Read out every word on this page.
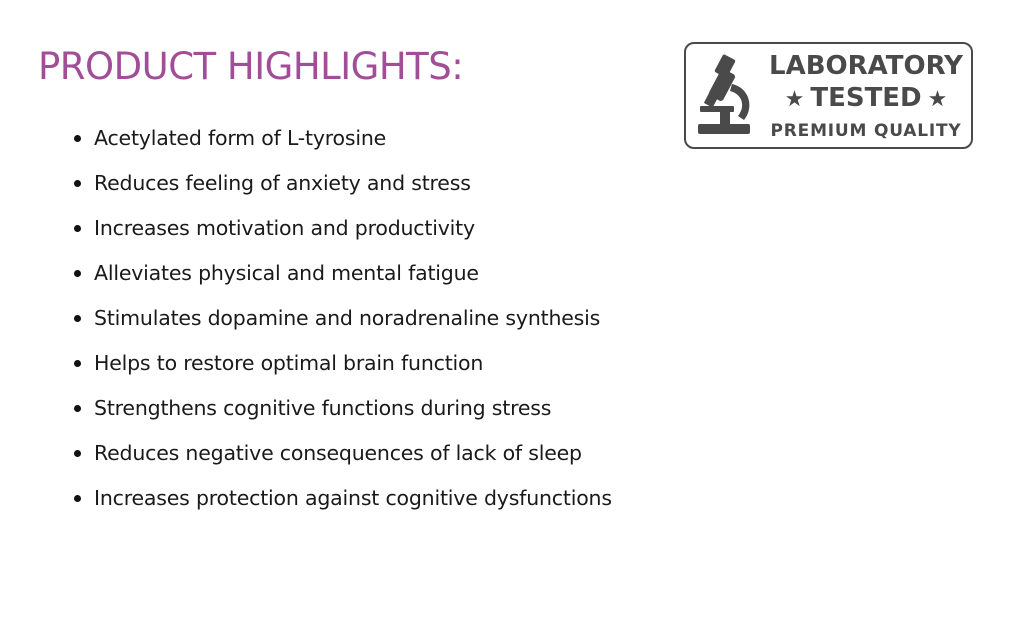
PRODUCT HIGHLIGHTS:
Acetylated form of L-tyrosine
Reduces feeling of anxiety and stress
Increases motivation and productivity
Alleviates physical and mental fatigue
Stimulates dopamine and noradrenaline synthesis
Helps to restore optimal brain function
Strengthens cognitive functions during stress
Reduces negative consequences of lack of sleep
Increases protection against cognitive dysfunctions
LABORATORY
★ TESTED ★
PREMIUM QUALITY
